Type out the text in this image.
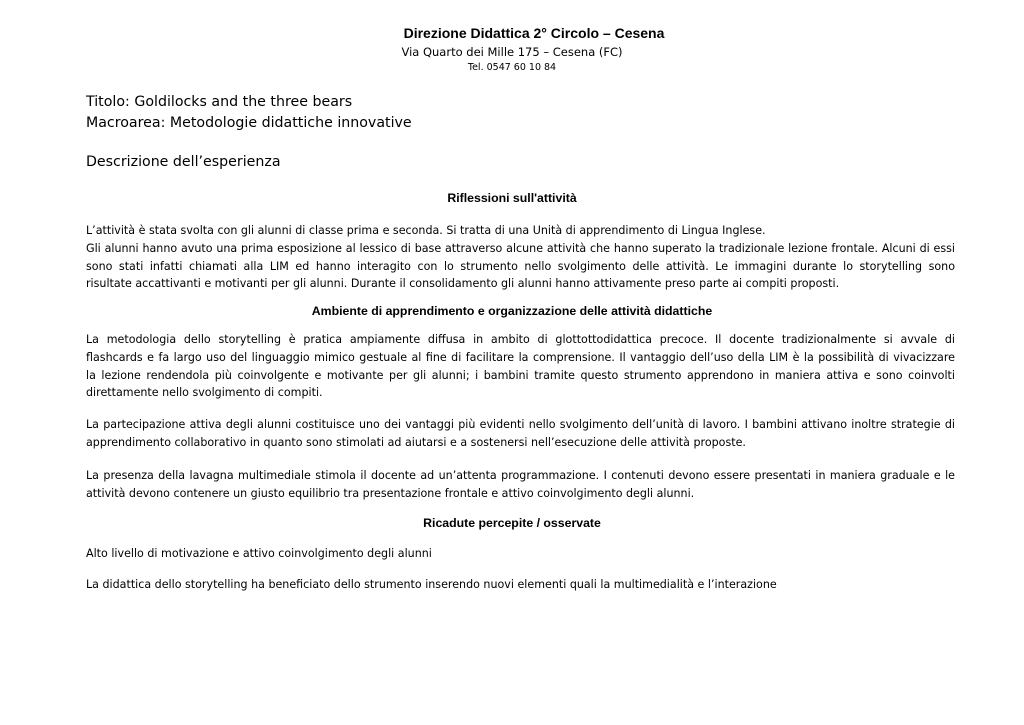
Direzione Didattica 2° Circolo – Cesena
Via Quarto dei Mille 175 – Cesena (FC)
Tel. 0547 60 10 84
Titolo: Goldilocks and the three bears
Macroarea: Metodologie didattiche innovative
Descrizione dell’esperienza
Riflessioni sull'attività
L’attività è stata svolta con gli alunni di classe prima e seconda. Si tratta di una Unità di apprendimento di Lingua Inglese.
Gli alunni hanno avuto una prima esposizione al lessico di base attraverso alcune attività che hanno superato la tradizionale lezione frontale. Alcuni di essi
sono stati infatti chiamati alla LIM ed hanno interagito con lo strumento nello svolgimento delle attività. Le immagini durante lo storytelling sono
risultate accattivanti e motivanti per gli alunni. Durante il consolidamento gli alunni hanno attivamente preso parte ai compiti proposti.
Ambiente di apprendimento e organizzazione delle attività didattiche
La metodologia dello storytelling è pratica ampiamente diffusa in ambito di glottottodidattica precoce. Il docente tradizionalmente si avvale di
flashcards e fa largo uso del linguaggio mimico gestuale al fine di facilitare la comprensione. Il vantaggio dell’uso della LIM è la possibilità di vivacizzare
la lezione rendendola più coinvolgente e motivante per gli alunni; i bambini tramite questo strumento apprendono in maniera attiva e sono coinvolti
direttamente nello svolgimento di compiti.
La partecipazione attiva degli alunni costituisce uno dei vantaggi più evidenti nello svolgimento dell’unità di lavoro. I bambini attivano inoltre strategie di
apprendimento collaborativo in quanto sono stimolati ad aiutarsi e a sostenersi nell’esecuzione delle attività proposte.
La presenza della lavagna multimediale stimola il docente ad un’attenta programmazione. I contenuti devono essere presentati in maniera graduale e le
attività devono contenere un giusto equilibrio tra presentazione frontale e attivo coinvolgimento degli alunni.
Ricadute percepite / osservate
Alto livello di motivazione e attivo coinvolgimento degli alunni
La didattica dello storytelling ha beneficiato dello strumento inserendo nuovi elementi quali la multimedialità e l’interazione
